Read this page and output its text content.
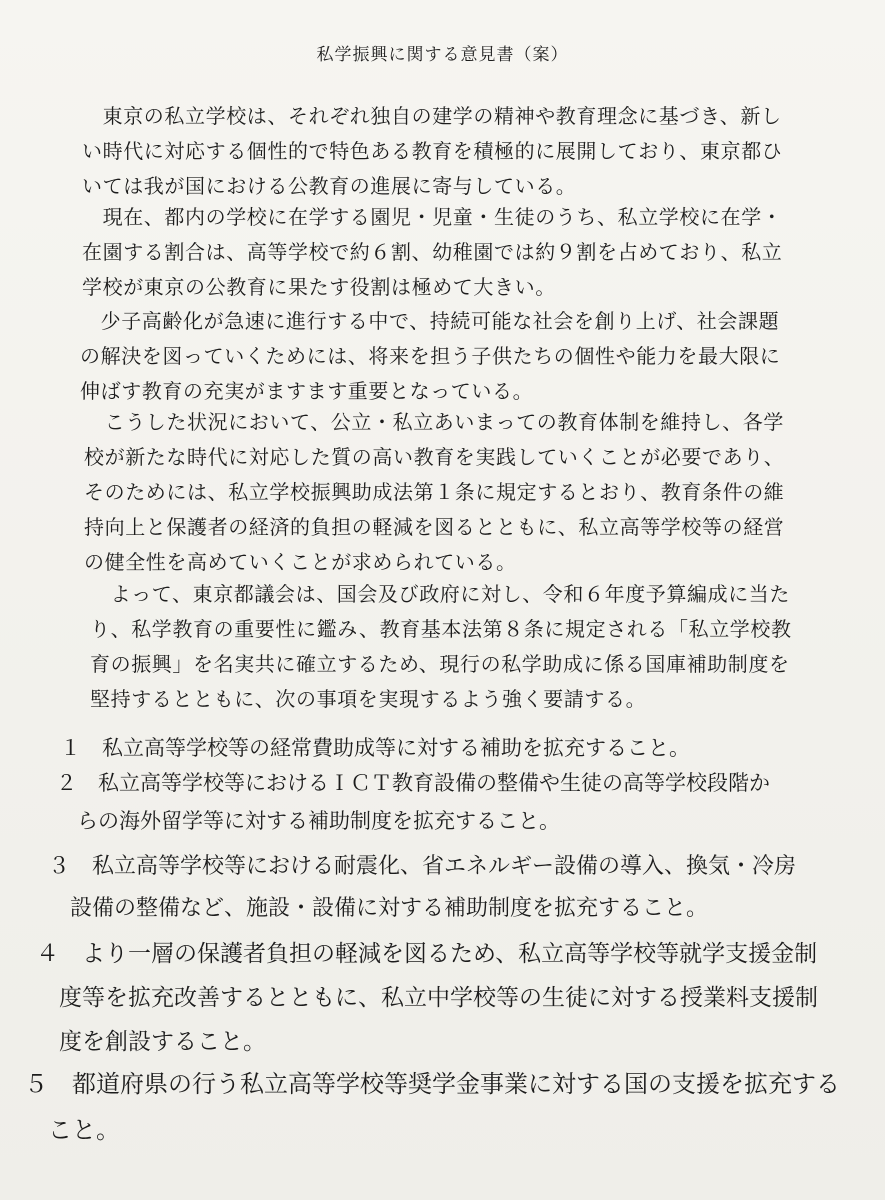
私学振興に関する意見書（案）

　東京の私立学校は、それぞれ独自の建学の精神や教育理念に基づき、新し
い時代に対応する個性的で特色ある教育を積極的に展開しており、東京都ひ
いては我が国における公教育の進展に寄与している。

　現在、都内の学校に在学する園児・児童・生徒のうち、私立学校に在学・
在園する割合は、高等学校で約６割、幼稚園では約９割を占めており、私立
学校が東京の公教育に果たす役割は極めて大きい。

　少子高齢化が急速に進行する中で、持続可能な社会を創り上げ、社会課題
の解決を図っていくためには、将来を担う子供たちの個性や能力を最大限に
伸ばす教育の充実がますます重要となっている。

　こうした状況において、公立・私立あいまっての教育体制を維持し、各学
校が新たな時代に対応した質の高い教育を実践していくことが必要であり、
そのためには、私立学校振興助成法第１条に規定するとおり、教育条件の維
持向上と保護者の経済的負担の軽減を図るとともに、私立高等学校等の経営
の健全性を高めていくことが求められている。

　よって、東京都議会は、国会及び政府に対し、令和６年度予算編成に当た
り、私学教育の重要性に鑑み、教育基本法第８条に規定される「私立学校教
育の振興」を名実共に確立するため、現行の私学助成に係る国庫補助制度を
堅持するとともに、次の事項を実現するよう強く要請する。

１　私立高等学校等の経常費助成等に対する補助を拡充すること。

２　私立高等学校等におけるＩＣＴ教育設備の整備や生徒の高等学校段階か
　らの海外留学等に対する補助制度を拡充すること。

３　私立高等学校等における耐震化、省エネルギー設備の導入、換気・冷房
　設備の整備など、施設・設備に対する補助制度を拡充すること。

４　より一層の保護者負担の軽減を図るため、私立高等学校等就学支援金制
　度等を拡充改善するとともに、私立中学校等の生徒に対する授業料支援制
　度を創設すること。

５　都道府県の行う私立高等学校等奨学金事業に対する国の支援を拡充する
　こと。
